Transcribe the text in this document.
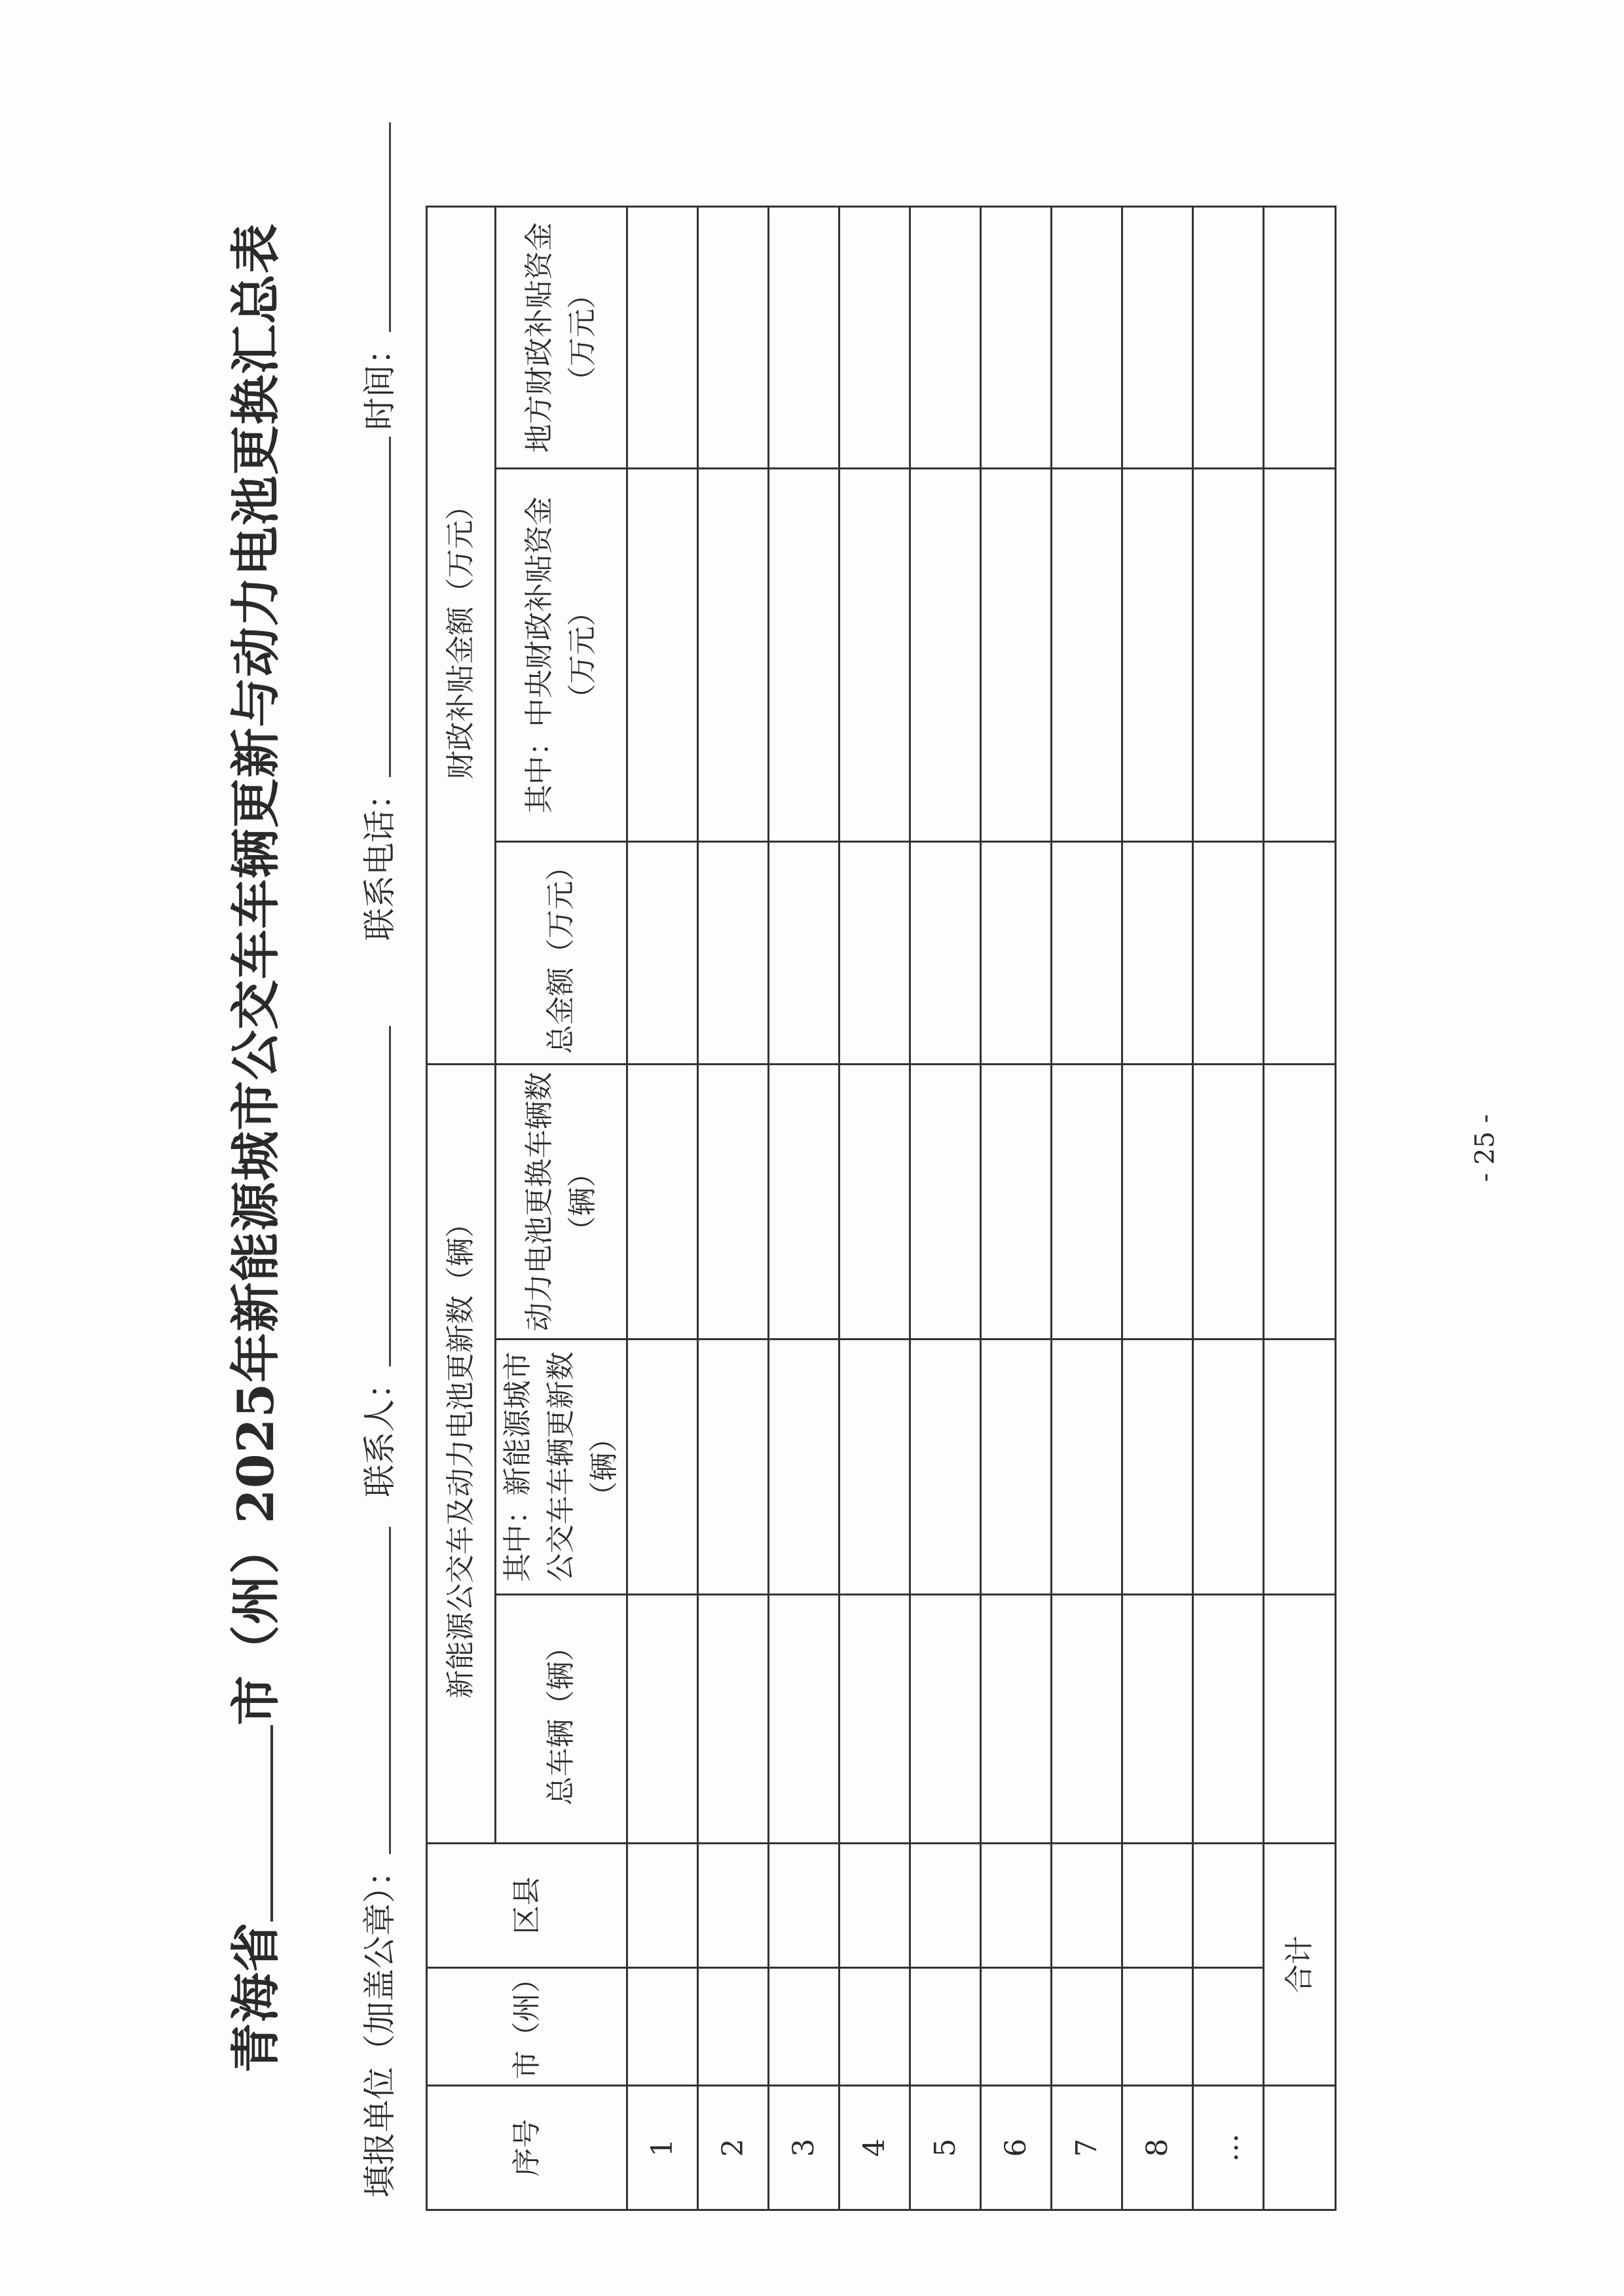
青海省市（州）2025年新能源城市公交车车辆更新与动力电池更换汇总表
填报单位（加盖公章）：
联系人：
联系电话：
时间：
序号	市（州）	区县	新能源公交车及动力电池更新数（辆）			财政补贴金额（万元）		
			总车辆（辆）	其中：新能源城市公交车车辆更新数（辆）	动力电池更换车辆数（辆）	总金额（万元）	其中：中央财政补贴资金（万元）	地方财政补贴资金（万元）
1								
2								
3								
4								
5								
6								
7								
8								
…								
	合计							
- 25 -
